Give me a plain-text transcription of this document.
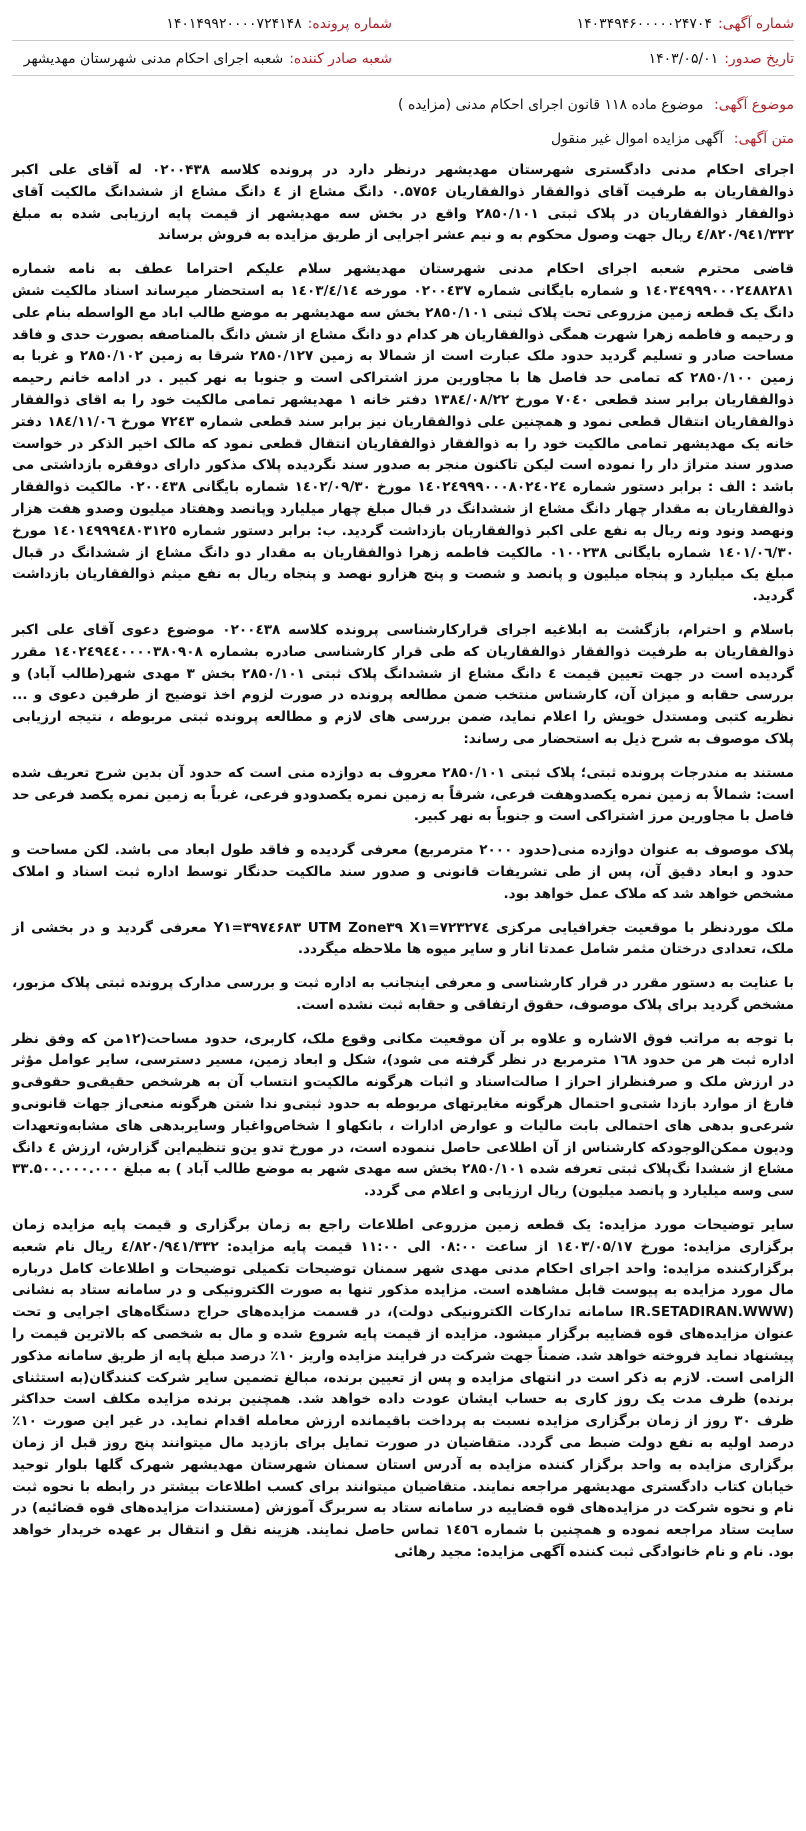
شماره آگهی:
۱۴۰۳۴۹۴۶۰۰۰۰۰۲۴۷۰۴
شماره پرونده:
۱۴۰۱۴۹۹۲۰۰۰۰۷۲۴۱۴۸
تاریخ صدور:
۱۴۰۳/۰۵/۰۱
شعبه صادر کننده:
شعبه اجرای احکام مدنی شهرستان مهدیشهر
موضوع آگهی: موضوع ماده ۱۱۸ قانون اجرای احکام مدنی (مزایده )
متن آگهی: آگهی مزایده اموال غیر منقول

اجرای احکام مدنی دادگستری شهرستان مهدیشهر درنظر دارد در پرونده کلاسه ۰۲۰۰۴۳۸ له آقای علی اکبر ذوالفقاریان به طرفیت آقای ذوالفقار ذوالفقاریان ۰.۵۷۵۶ دانگ مشاع از ٤ دانگ مشاع از ششدانگ مالکیت آقای ذوالفقار ذوالفقاریان در پلاک ثبتی ۲۸۵۰/۱۰۱ واقع در بخش سه مهدیشهر از قیمت پایه ارزیابی شده به مبلغ ٤/۸۲۰/۹٤۱/۳۳۲ ریال جهت وصول محکوم به و نیم عشر اجرایی از طریق مزایده به فروش برساند

قاضی محترم شعبه اجرای احکام مدنی شهرستان مهدیشهر سلام علیکم احتراما عطف به نامه شماره ۱٤۰۳٤۹۹۹۰۰۰۲٤۸۸۲۸۱ و شماره بایگانی شماره ۰۲۰۰٤۳۷ مورخه ۱٤۰۳/٤/۱٤ به استحضار میرساند اسناد مالکیت شش دانگ یک قطعه زمین مزروعی تحت پلاک ثبتی ۲۸۵۰/۱۰۱ بخش سه مهدیشهر به موضع طالب اباد مع الواسطه بنام علی و رحیمه و فاطمه زهرا شهرت همگی ذوالفقاریان هر کدام دو دانگ مشاع از شش دانگ بالمناصفه بصورت حدی و فاقد مساحت صادر و تسلیم گردید حدود ملک عبارت است از شمالا به زمین ۲۸۵۰/۱۲۷ شرقا به زمین ۲۸۵۰/۱۰۲ و غربا به زمین ۲۸۵۰/۱۰۰ که تمامی حد فاصل ها با مجاورین مرز اشتراکی است و جنوبا به نهر کبیر . در ادامه خانم رحیمه ذوالفقاریان برابر سند قطعی ۷۰٤۰ مورخ ۱۳۸٤/۰۸/۲۲ دفتر خانه ۱ مهدیشهر تمامی مالکیت خود را به اقای ذوالفقار ذوالفقاریان انتقال قطعی نمود و همچنین علی ذوالفقاریان نیز برابر سند قطعی شماره ۷۲٤۳ مورخ ۱۸٤/۱۱/۰٦ دفتر خانه یک مهدیشهر تمامی مالکیت خود را به ذوالفقار ذوالفقاریان انتقال قطعی نمود که مالک اخیر الذکر در خواست صدور سند متراژ دار را نموده است لیکن تاکنون منجر به صدور سند نگردیده پلاک مذکور دارای دوفقره بازداشتی می باشد : الف : برابر دستور شماره ۱٤۰۲٤۹۹۹۰۰۰۸۰۲٤۰۲٤ مورخ ۱٤۰۲/۰۹/۳۰ شماره بایگانی ۰۲۰۰٤۳۸ مالکیت ذوالفقار ذوالفقاریان به مقدار چهار دانگ مشاع از ششدانگ در قبال مبلغ چهار میلیارد وپانصد وهفتاد میلیون وصدو هفت هزار ونهصد ونود ونه ریال به نفع علی اکبر ذوالفقاریان بازداشت گردید. ب: برابر دستور شماره ۱٤۰۱٤۹۹۹٤۸۰۳۱۲٥ مورخ ۱٤۰۱/۰٦/۳۰ شماره بایگانی ۰۱۰۰۲۳۸ مالکیت فاطمه زهرا ذوالفقاریان به مقدار دو دانگ مشاع از ششدانگ در قبال مبلغ یک میلیارد و پنجاه میلیون و پانصد و شصت و پنج هزارو نهصد و پنجاه ریال به نفع میثم ذوالفقاریان بازداشت گردید.

باسلام و احترام، بازگشت به ابلاغیه اجرای قرارکارشناسی پرونده کلاسه ۰۲۰۰٤۳۸ موضوع دعوی آقای علی اکبر ذوالفقاریان به طرفیت ذوالفقار ذوالفقاریان که طی قرار کارشناسی صادره بشماره ۱٤۰۲٤۹٤٤۰۰۰۰۳۸۰۹۰۸ مقرر گردیده است در جهت تعیین قیمت ٤ دانگ مشاع از ششدانگ پلاک ثبتی ۲۸۵۰/۱۰۱ بخش ۳ مهدی شهر(طالب آباد) و بررسی حقابه و میزان آن، کارشناس منتخب ضمن مطالعه پرونده در صورت لزوم اخذ توضیح از طرفین دعوی و ... نظریه کتبی ومستدل خویش را اعلام نماید، ضمن بررسی های لازم و مطالعه پرونده ثبتی مربوطه ، نتیجه ارزیابی پلاک موصوف به شرح ذیل به استحضار می رساند:

مستند به مندرجات پرونده ثبتی؛ پلاک ثبتی ۲۸۵۰/۱۰۱ معروف به دوازده منی است که حدود آن بدین شرح تعریف شده است: شمالاً به زمین نمره یکصدوهفت فرعی، شرقاً به زمین نمره یکصدودو فرعی، غرباً به زمین نمره یکصد فرعی حد فاصل با مجاورین مرز اشتراکی است و جنوباً به نهر کبیر.

پلاک موصوف به عنوان دوازده منی(حدود ۲۰۰۰ مترمربع) معرفی گردیده و فاقد طول ابعاد می باشد. لکن مساحت و حدود و ابعاد دقیق آن، پس از طی تشریفات قانونی و صدور سند مالکیت حدنگار توسط اداره ثبت اسناد و املاک مشخص خواهد شد که ملاک عمل خواهد بود.

ملک موردنظر با موقعیت جغرافیایی مرکزی UTM Zone۳۹ X۱=۷۲۳۲۷٤ Y۱=۳۹۷٤۶۸۳ معرفی گردید و در بخشی از ملک، تعدادی درختان مثمر شامل عمدتا انار و سایر میوه ها ملاحظه میگردد.

با عنایت به دستور مقرر در قرار کارشناسی و معرفی اینجانب به اداره ثبت و بررسی مدارک پرونده ثبتی پلاک مزبور، مشخص گردید برای پلاک موصوف، حقوق ارتفاقی و حقابه ثبت نشده است.

با توجه به مراتب فوق الاشاره و علاوه بر آن موقعیت مکانی وقوع ملک، کاربری، حدود مساحت(۱۲من که وفق نظر اداره ثبت هر من حدود ۱٦۸ مترمربع در نظر گرفته می شود)، شکل و ابعاد زمین، مسیر دسترسی، سایر عوامل مؤثر در ارزش ملک و صرفنظراز احراز ا صالت‌اسناد و اثبات هرگونه مالکیت‌و انتساب آن به هرشخص حقیقی‌و حقوقی‌و فارغ از موارد بازدا شتی‌و احتمال هرگونه مغایرتهای مربوطه به حدود ثبتی‌و ندا شتن هرگونه منعی‌از جهات قانونی‌و شرعی‌و بدهی های احتمالی بابت مالیات و عوارض ادارات ، بانکها‌و ا شخاص‌و‌اغیار وسایربدهی های مشابه‌وتعهدات ودیون ممکن‌الوجودکه کارشناس از آن اطلاعی حاصل ننموده است، در مورخ تدو ین‌و تنظیم‌این گزارش، ارزش ٤ دانگ مشاع از ششدا نگ‌پلاک ثبتی تعرفه شده ۲۸۵۰/۱۰۱ بخش سه مهدی شهر به موضع طالب آباد ) به مبلغ ۳۳.۵۰۰.۰۰۰.۰۰۰ سی وسه میلیارد و پانصد میلیون) ریال ارزیابی و اعلام می گردد.

سایر توضیحات مورد مزایده: یک قطعه زمین مزروعی اطلاعات راجع به زمان برگزاری و قیمت پایه مزایده زمان برگزاری مزایده: مورخ ۱٤۰۳/۰۵/۱۷ از ساعت ۰۸:۰۰ الی ۱۱:۰۰ قیمت پایه مزایده: ٤/۸۲۰/۹٤۱/۳۳۲ ریال نام شعبه برگزارکننده مزایده: واحد اجرای احکام مدنی مهدی شهر سمنان توضیحات تکمیلی توضیحات و اطلاعات کامل درباره مال مورد مزایده به پیوست قابل مشاهده است. مزایده مذکور تنها به صورت الکترونیکی و در سامانه ستاد به نشانی (IR.SETADIRAN.WWW سامانه تدارکات الکترونیکی دولت)، در قسمت مزایده‌های حراج دستگاه‌های اجرایی و تحت عنوان مزایده‌های قوه قضاییه برگزار میشود. مزایده از قیمت پایه شروع شده و مال به شخصی که بالاترین قیمت را پیشنهاد نماید فروخته خواهد شد. ضمناً جهت شرکت در فرایند مزایده واریز ۱۰٪ درصد مبلغ پایه از طریق سامانه مذکور الزامی است. لازم به ذکر است در انتهای مزایده و پس از تعیین برنده، مبالغ تضمین سایر شرکت کنندگان(به استثنای برنده) ظرف مدت یک روز کاری به حساب ایشان عودت داده خواهد شد. همچنین برنده مزایده مکلف است حداکثر ظرف ۳۰ روز از زمان برگزاری مزایده نسبت به پرداخت باقیمانده ارزش معامله اقدام نماید. در غیر این صورت ۱۰٪ درصد اولیه به نفع دولت ضبط می گردد. متقاضیان در صورت تمایل برای بازدید مال میتوانند پنج روز قبل از زمان برگزاری مزایده به واحد برگزار کننده مزایده به آدرس استان سمنان شهرستان مهدیشهر شهرک گلها بلوار توحید خیابان کتاب دادگستری مهدیشهر مراجعه نمایند. متقاضیان میتوانند برای کسب اطلاعات بیشتر در رابطه با نحوه ثبت نام و نحوه شرکت در مزایده‌های قوه قضاییه در سامانه ستاد به سربرگ آموزش (مستندات مزایده‌های قوه قضائیه) در سایت ستاد مراجعه نموده و همچنین با شماره ۱٤٥٦ تماس حاصل نمایند. هزینه نقل و انتقال بر عهده خریدار خواهد بود. نام و نام خانوادگی ثبت کننده آگهی مزایده: مجید رهائی
